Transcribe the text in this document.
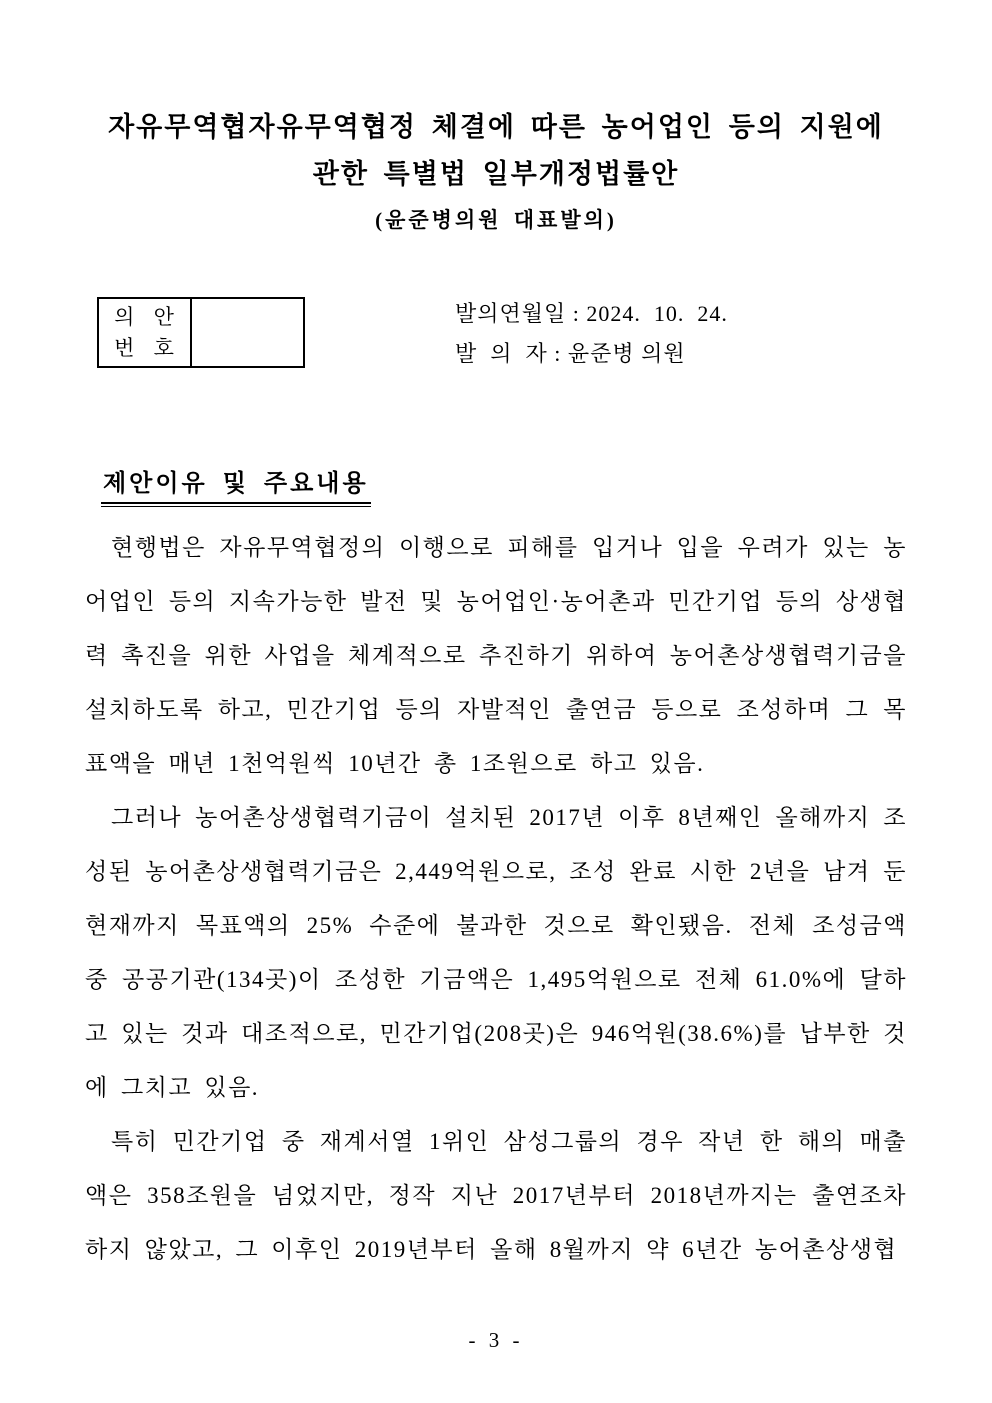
자유무역협자유무역협정 체결에 따른 농어업인 등의 지원에
관한 특별법 일부개정법률안
(윤준병의원 대표발의)
의 안
번 호
발의연월일 : 2024.  10.  24.
발  의  자 : 윤준병 의원
제안이유 및 주요내용

현행법은 자유무역협정의 이행으로 피해를 입거나 입을 우려가 있는 농어업인 등의 지속가능한 발전 및 농어업인·농어촌과 민간기업 등의 상생협력 촉진을 위한 사업을 체계적으로 추진하기 위하여 농어촌상생협력기금을 설치하도록 하고, 민간기업 등의 자발적인 출연금 등으로 조성하며 그 목표액을 매년 1천억원씩 10년간 총 1조원으로 하고 있음.

그러나 농어촌상생협력기금이 설치된 2017년 이후 8년째인 올해까지 조성된 농어촌상생협력기금은 2,449억원으로, 조성 완료 시한 2년을 남겨 둔 현재까지 목표액의 25% 수준에 불과한 것으로 확인됐음. 전체 조성금액 중 공공기관(134곳)이 조성한 기금액은 1,495억원으로 전체 61.0%에 달하고 있는 것과 대조적으로, 민간기업(208곳)은 946억원(38.6%)를 납부한 것에 그치고 있음.

특히 민간기업 중 재계서열 1위인 삼성그룹의 경우 작년 한 해의 매출액은 358조원을 넘었지만, 정작 지난 2017년부터 2018년까지는 출연조차 하지 않았고, 그 이후인 2019년부터 올해 8월까지 약 6년간 농어촌상생협

- 3 -
